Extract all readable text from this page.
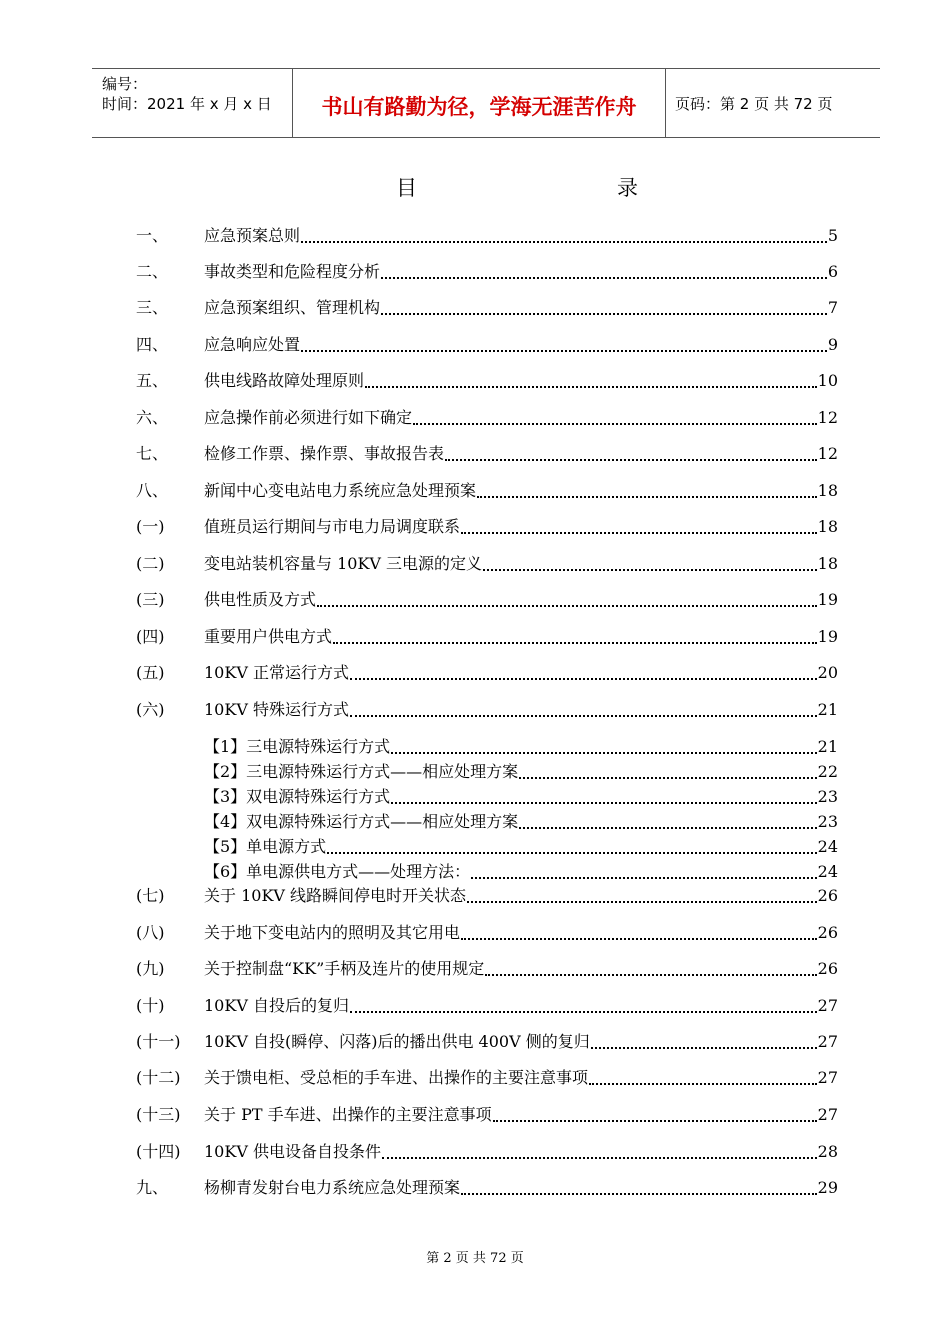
编号：
时间：2021 年 x 月 x 日	书山有路勤为径，学海无涯苦作舟	页码：第 2 页 共 72 页
目	录
一、 应急预案总则	5
二、 事故类型和危险程度分析	6
三、 应急预案组织、管理机构	7
四、 应急响应处置	9
五、 供电线路故障处理原则	10
六、 应急操作前必须进行如下确定	12
七、 检修工作票、操作票、事故报告表	12
八、 新闻中心变电站电力系统应急处理预案	18
(一) 值班员运行期间与市电力局调度联系	18
(二) 变电站装机容量与 10KV 三电源的定义	18
(三) 供电性质及方式	19
(四) 重要用户供电方式	19
(五) 10KV 正常运行方式	20
(六) 10KV 特殊运行方式	21
【1】三电源特殊运行方式	21
【2】三电源特殊运行方式——相应处理方案	22
【3】双电源特殊运行方式	23
【4】双电源特殊运行方式——相应处理方案	23
【5】单电源方式	24
【6】单电源供电方式——处理方法：	24
(七) 关于 10KV 线路瞬间停电时开关状态	26
(八) 关于地下变电站内的照明及其它用电	26
(九) 关于控制盘“KK”手柄及连片的使用规定	26
(十) 10KV 自投后的复归	27
(十一) 10KV 自投(瞬停、闪落)后的播出供电 400V 侧的复归	27
(十二) 关于馈电柜、受总柜的手车进、出操作的主要注意事项	27
(十三) 关于 PT 手车进、出操作的主要注意事项	27
(十四) 10KV 供电设备自投条件	28
九、 杨柳青发射台电力系统应急处理预案	29
第 2 页 共 72 页
